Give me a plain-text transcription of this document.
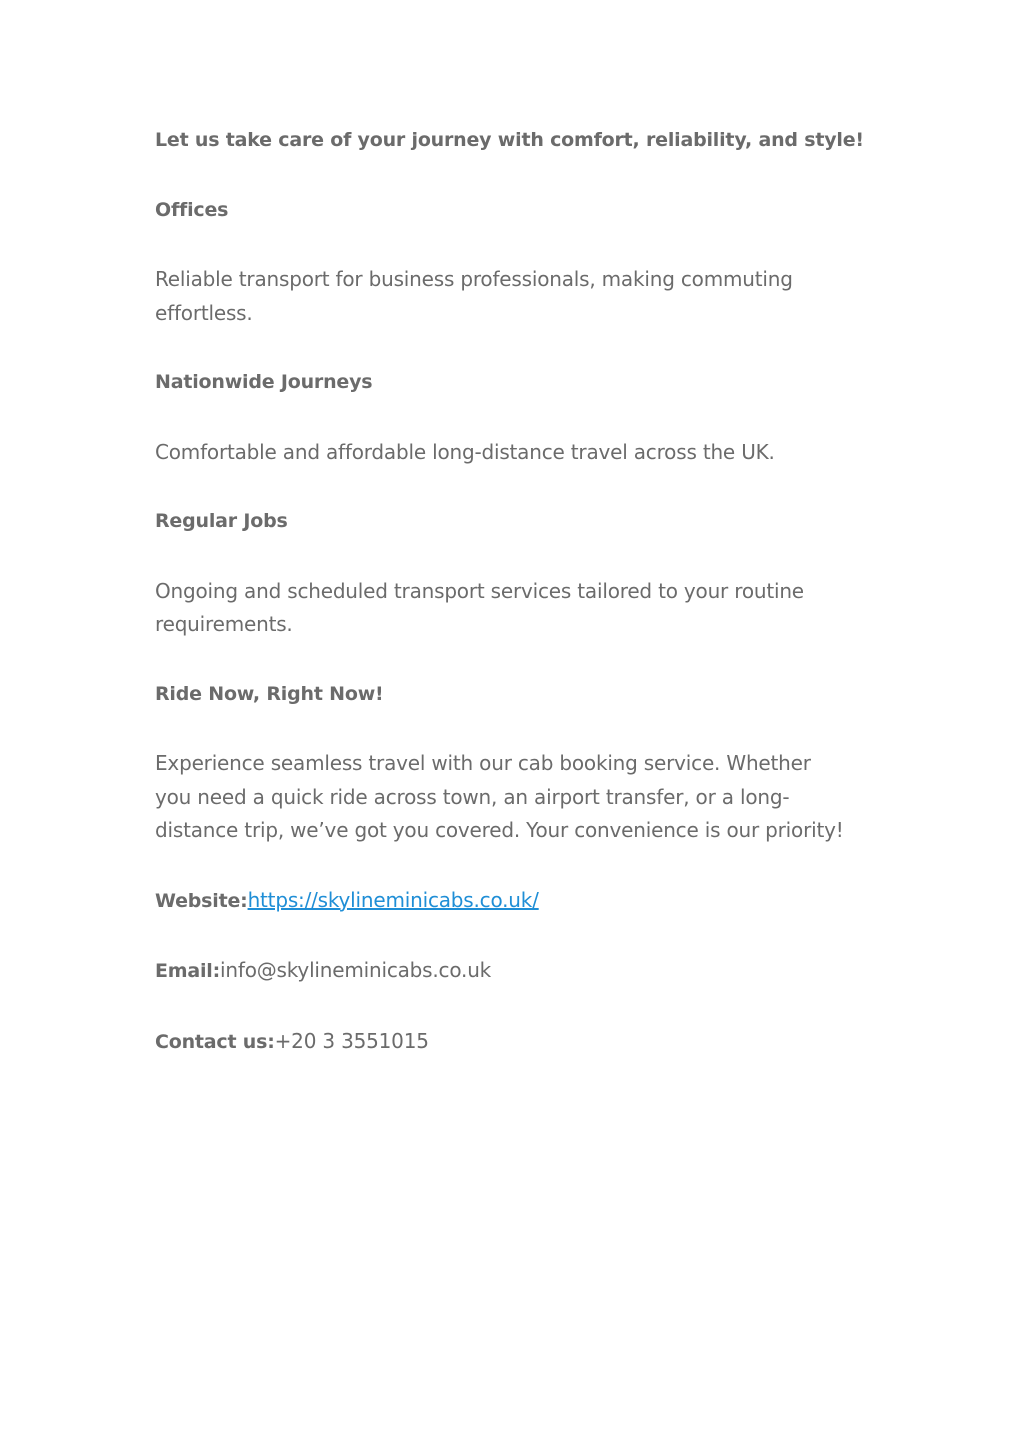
Let us take care of your journey with comfort, reliability, and style!

Offices

Reliable transport for business professionals, making commuting effortless.

Nationwide Journeys

Comfortable and affordable long-distance travel across the UK.

Regular Jobs

Ongoing and scheduled transport services tailored to your routine requirements.

Ride Now, Right Now!

Experience seamless travel with our cab booking service. Whether you need a quick ride across town, an airport transfer, or a long-distance trip, we’ve got you covered. Your convenience is our priority!

Website:https://skylineminicabs.co.uk/

Email:info@skylineminicabs.co.uk

Contact us:+20 3 3551015
